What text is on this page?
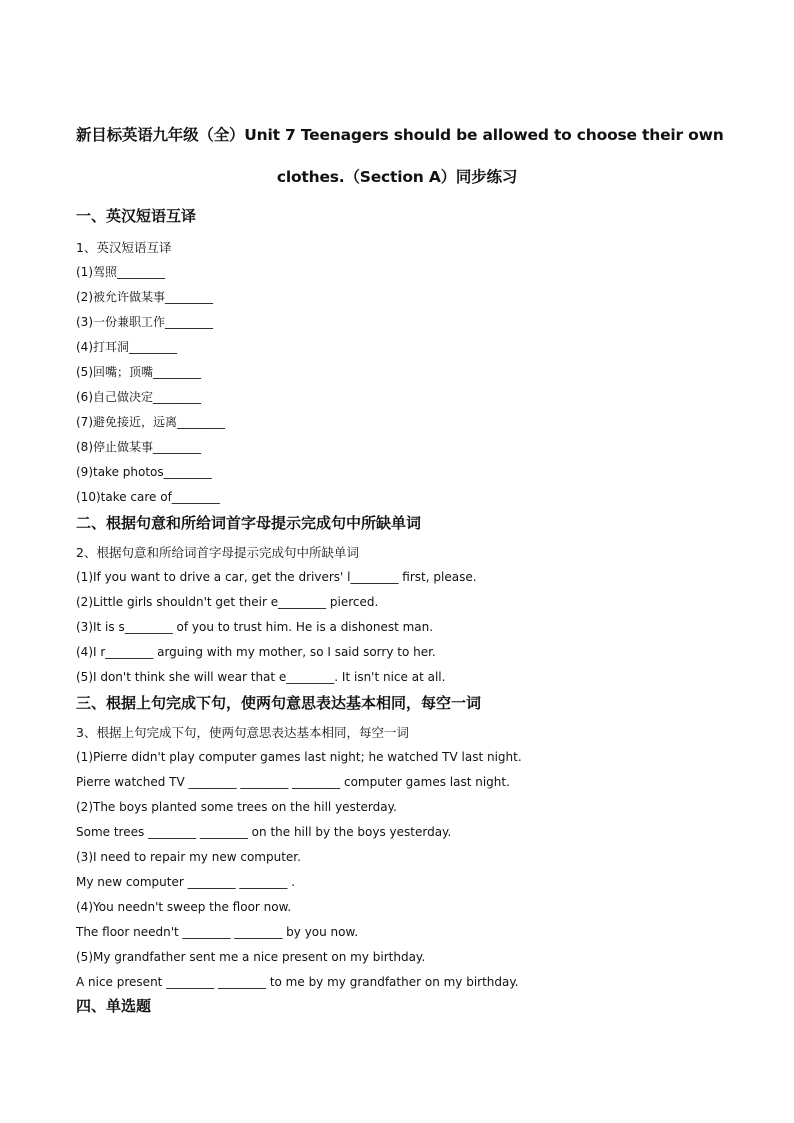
新目标英语九年级（全）Unit 7 Teenagers should be allowed to choose their own
clothes.（Section A）同步练习

一、英汉短语互译

1、英汉短语互译

(1)驾照________

(2)被允许做某事________

(3)一份兼职工作________

(4)打耳洞________

(5)回嘴；顶嘴________

(6)自己做决定________

(7)避免接近，远离________

(8)停止做某事________

(9)take photos________

(10)take care of________

二、根据句意和所给词首字母提示完成句中所缺单词

2、根据句意和所给词首字母提示完成句中所缺单词

(1)If you want to drive a car, get the drivers' l________ first, please.

(2)Little girls shouldn't get their e________ pierced.

(3)It is s________ of you to trust him. He is a dishonest man.

(4)I r________ arguing with my mother, so I said sorry to her.

(5)I don't think she will wear that e________. It isn't nice at all.

三、根据上句完成下句，使两句意思表达基本相同，每空一词

3、根据上句完成下句，使两句意思表达基本相同，每空一词

(1)Pierre didn't play computer games last night; he watched TV last night.

Pierre watched TV ________ ________ ________ computer games last night.

(2)The boys planted some trees on the hill yesterday.

Some trees ________ ________ on the hill by the boys yesterday.

(3)I need to repair my new computer.

My new computer ________ ________ .

(4)You needn't sweep the floor now.

The floor needn't ________ ________ by you now.

(5)My grandfather sent me a nice present on my birthday.

A nice present ________ ________ to me by my grandfather on my birthday.

四、单选题
